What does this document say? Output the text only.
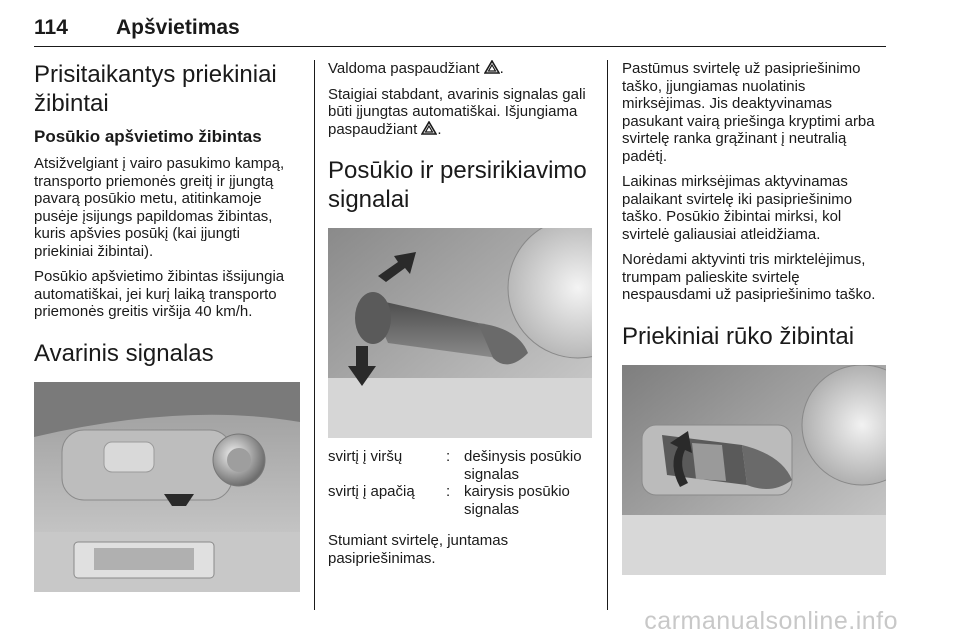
114 Apšvietimas
Prisitaikantys priekiniai žibintai
Posūkio apšvietimo žibintas

Atsižvelgiant į vairo pasukimo kampą, transporto priemonės greitį ir įjungtą pavarą posūkio metu, atitinkamoje pusėje įsijungs papildomas žibintas, kuris apšvies posūkį (kai įjungti priekiniai žibintai).

Posūkio apšvietimo žibintas išsijungia automatiškai, jei kurį laiką transporto priemonės greitis viršija 40 km/h.

Avarinis signalas

Valdoma paspaudžiant .

Staigiai stabdant, avarinis signalas gali būti įjungtas automatiškai. Išjungiama paspaudžiant .

Posūkio ir persirikiavimo signalai
svirtį į viršų	:	dešinysis posūkio signalas
svirtį į apačią	:	kairysis posūkio signalas

Stumiant svirtelę, juntamas pasipriešinimas.

Pastūmus svirtelę už pasipriešinimo taško, įjungiamas nuolatinis mirksėjimas. Jis deaktyvinamas pasukant vairą priešinga kryptimi arba svirtelę ranka grąžinant į neutralią padėtį.

Laikinas mirksėjimas aktyvinamas palaikant svirtelę iki pasipriešinimo taško. Posūkio žibintai mirksi, kol svirtelė galiausiai atleidžiama.

Norėdami aktyvinti tris mirktelėjimus, trumpam palieskite svirtelę nespausdami už pasipriešinimo taško.

Priekiniai rūko žibintai
carmanualsonline.info
